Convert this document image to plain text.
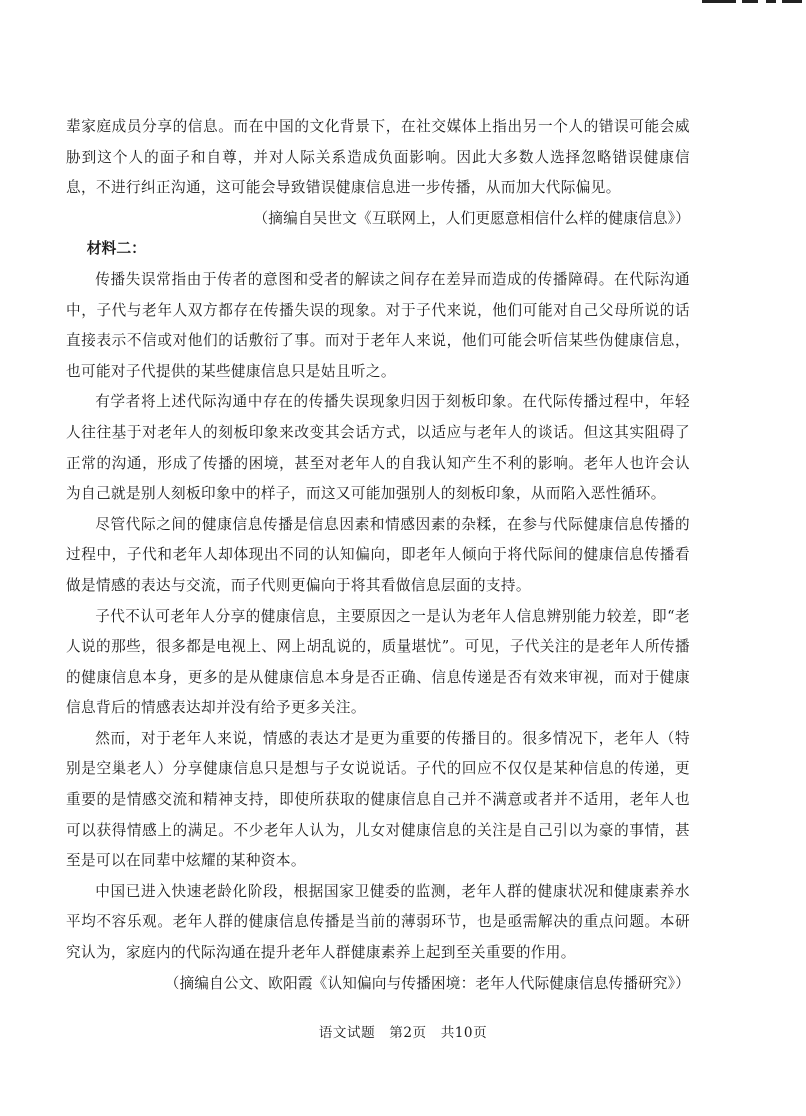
辈家庭成员分享的信息。而在中国的文化背景下，在社交媒体上指出另一个人的错误可能会威胁到这个人的面子和自尊，并对人际关系造成负面影响。因此大多数人选择忽略错误健康信息，不进行纠正沟通，这可能会导致错误健康信息进一步传播，从而加大代际偏见。

（摘编自吴世文《互联网上，人们更愿意相信什么样的健康信息》）

材料二：

传播失误常指由于传者的意图和受者的解读之间存在差异而造成的传播障碍。在代际沟通中，子代与老年人双方都存在传播失误的现象。对于子代来说，他们可能对自己父母所说的话直接表示不信或对他们的话敷衍了事。而对于老年人来说，他们可能会听信某些伪健康信息，也可能对子代提供的某些健康信息只是姑且听之。

有学者将上述代际沟通中存在的传播失误现象归因于刻板印象。在代际传播过程中，年轻人往往基于对老年人的刻板印象来改变其会话方式，以适应与老年人的谈话。但这其实阻碍了正常的沟通，形成了传播的困境，甚至对老年人的自我认知产生不利的影响。老年人也许会认为自己就是别人刻板印象中的样子，而这又可能加强别人的刻板印象，从而陷入恶性循环。

尽管代际之间的健康信息传播是信息因素和情感因素的杂糅，在参与代际健康信息传播的过程中，子代和老年人却体现出不同的认知偏向，即老年人倾向于将代际间的健康信息传播看做是情感的表达与交流，而子代则更偏向于将其看做信息层面的支持。

子代不认可老年人分享的健康信息，主要原因之一是认为老年人信息辨别能力较差，即“老人说的那些，很多都是电视上、网上胡乱说的，质量堪忧”。可见，子代关注的是老年人所传播的健康信息本身，更多的是从健康信息本身是否正确、信息传递是否有效来审视，而对于健康信息背后的情感表达却并没有给予更多关注。

然而，对于老年人来说，情感的表达才是更为重要的传播目的。很多情况下，老年人（特别是空巢老人）分享健康信息只是想与子女说说话。子代的回应不仅仅是某种信息的传递，更重要的是情感交流和精神支持，即使所获取的健康信息自己并不满意或者并不适用，老年人也可以获得情感上的满足。不少老年人认为，儿女对健康信息的关注是自己引以为豪的事情，甚至是可以在同辈中炫耀的某种资本。

中国已进入快速老龄化阶段，根据国家卫健委的监测，老年人群的健康状况和健康素养水平均不容乐观。老年人群的健康信息传播是当前的薄弱环节，也是亟需解决的重点问题。本研究认为，家庭内的代际沟通在提升老年人群健康素养上起到至关重要的作用。

（摘编自公文、欧阳霞《认知偏向与传播困境：老年人代际健康信息传播研究》）

语文试题　第2页　共10页
